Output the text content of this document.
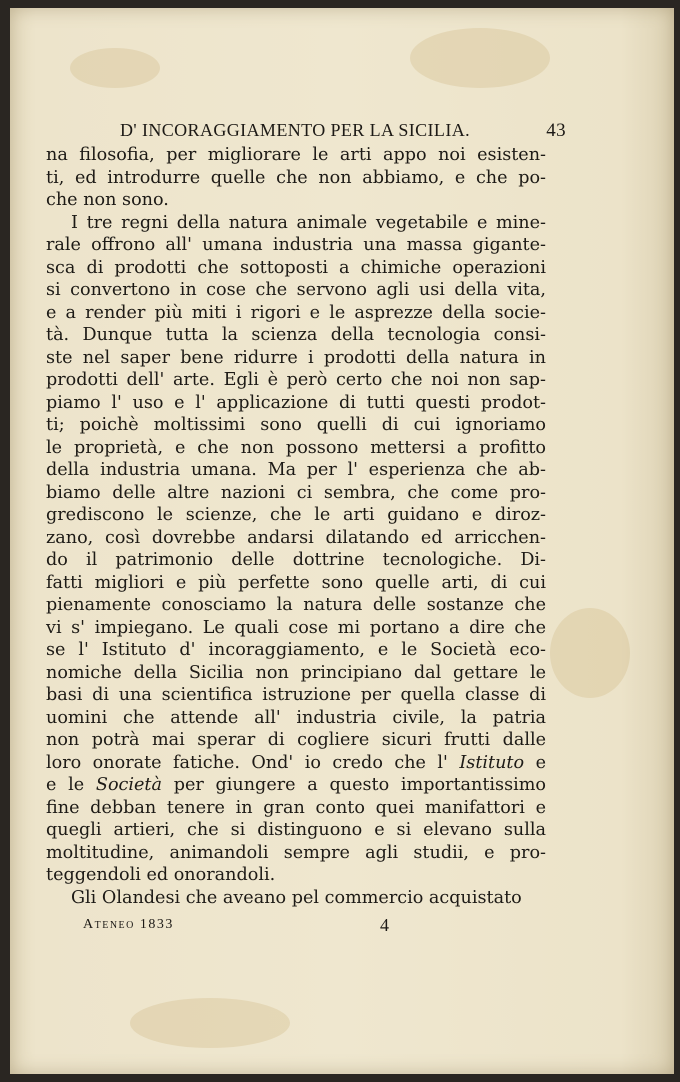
D' INCORAGGIAMENTO PER LA SICILIA.	43
na filosofia, per migliorare le arti appo noi esisten-
ti, ed introdurre quelle che non abbiamo, e che po-
che non sono.
I tre regni della natura animale vegetabile e mine-
rale offrono all' umana industria una massa gigante-
sca di prodotti che sottoposti a chimiche operazioni
si convertono in cose che servono agli usi della vita,
e a render più miti i rigori e le asprezze della socie-
tà. Dunque tutta la scienza della tecnologia consi-
ste nel saper bene ridurre i prodotti della natura in
prodotti dell' arte. Egli è però certo che noi non sap-
piamo l' uso e l' applicazione di tutti questi prodot-
ti; poichè moltissimi sono quelli di cui ignoriamo
le proprietà, e che non possono mettersi a profitto
della industria umana. Ma per l' esperienza che ab-
biamo delle altre nazioni ci sembra, che come pro-
grediscono le scienze, che le arti guidano e diroz-
zano, così dovrebbe andarsi dilatando ed arricchen-
do il patrimonio delle dottrine tecnologiche. Di-
fatti migliori e più perfette sono quelle arti, di cui
pienamente conosciamo la natura delle sostanze che
vi s' impiegano. Le quali cose mi portano a dire che
se l' Istituto d' incoraggiamento, e le Società eco-
nomiche della Sicilia non principiano dal gettare le
basi di una scientifica istruzione per quella classe di
uomini che attende all' industria civile, la patria
non potrà mai sperar di cogliere sicuri frutti dalle
loro onorate fatiche. Ond' io credo che l' Istituto e
e le Società per giungere a questo importantissimo
fine debban tenere in gran conto quei manifattori e
quegli artieri, che si distinguono e si elevano sulla
moltitudine, animandoli sempre agli studii, e pro-
teggendoli ed onorandoli.
Gli Olandesi che aveano pel commercio acquistato
Ateneo 1833	4
